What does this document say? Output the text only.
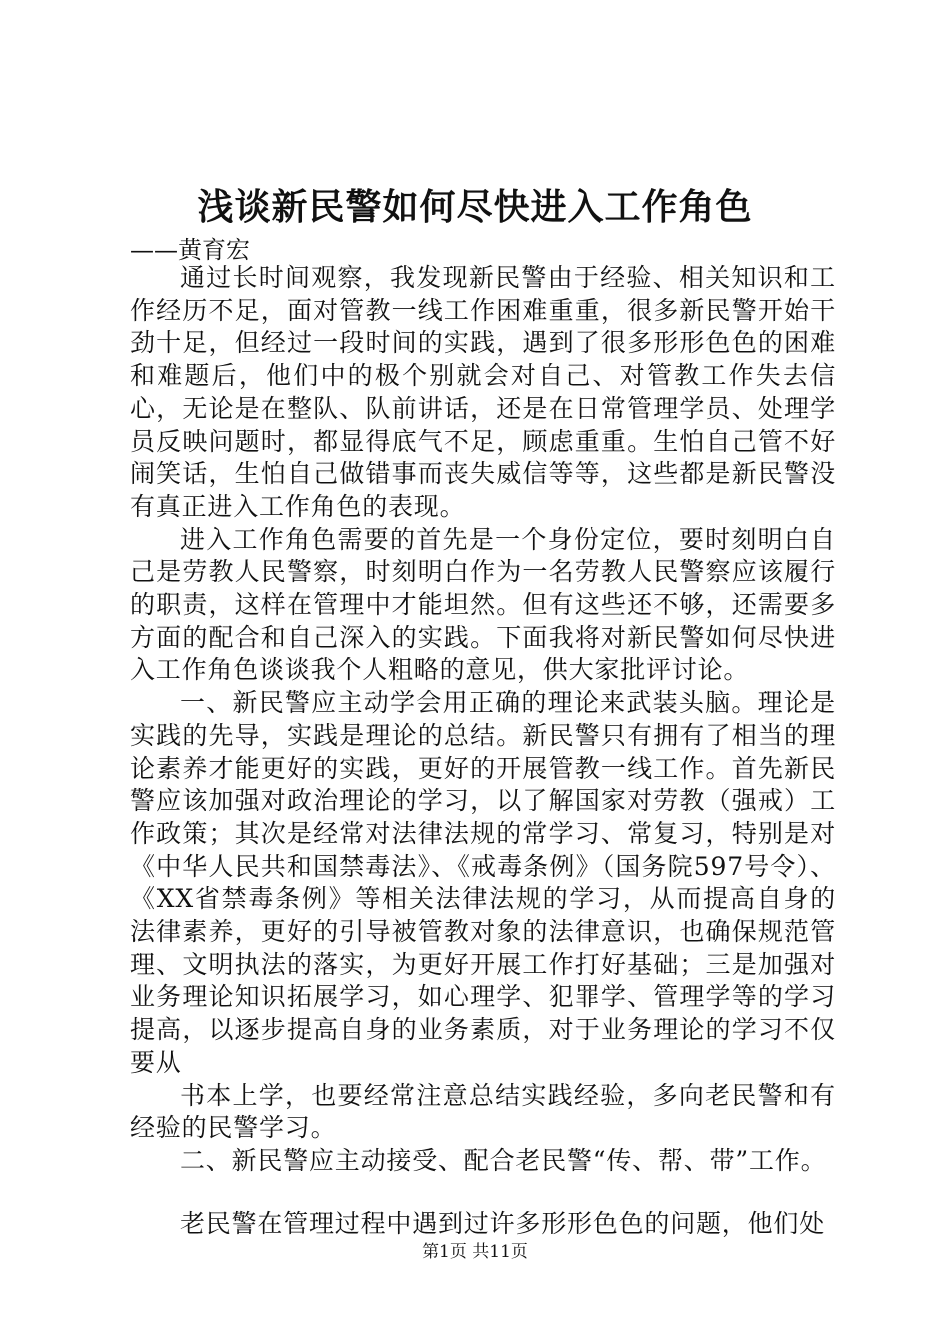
浅谈新民警如何尽快进入工作角色

——黄育宏

通过长时间观察，我发现新民警由于经验、相关知识和工作经历不足，面对管教一线工作困难重重，很多新民警开始干劲十足，但经过一段时间的实践，遇到了很多形形色色的困难和难题后，他们中的极个别就会对自己、对管教工作失去信心，无论是在整队、队前讲话，还是在日常管理学员、处理学员反映问题时，都显得底气不足，顾虑重重。生怕自己管不好闹笑话，生怕自己做错事而丧失威信等等，这些都是新民警没有真正进入工作角色的表现。

进入工作角色需要的首先是一个身份定位，要时刻明白自己是劳教人民警察，时刻明白作为一名劳教人民警察应该履行的职责，这样在管理中才能坦然。但有这些还不够，还需要多方面的配合和自己深入的实践。下面我将对新民警如何尽快进入工作角色谈谈我个人粗略的意见，供大家批评讨论。

一、新民警应主动学会用正确的理论来武装头脑。理论是实践的先导，实践是理论的总结。新民警只有拥有了相当的理论素养才能更好的实践，更好的开展管教一线工作。首先新民警应该加强对政治理论的学习，以了解国家对劳教（强戒）工作政策；其次是经常对法律法规的常学习、常复习，特别是对《中华人民共和国禁毒法》、《戒毒条例》（国务院597号令）、《XX省禁毒条例》等相关法律法规的学习，从而提高自身的法律素养，更好的引导被管教对象的法律意识，也确保规范管理、文明执法的落实，为更好开展工作打好基础；三是加强对业务理论知识拓展学习，如心理学、犯罪学、管理学等的学习提高，以逐步提高自身的业务素质，对于业务理论的学习不仅要从

书本上学，也要经常注意总结实践经验，多向老民警和有经验的民警学习。

二、新民警应主动接受、配合老民警“传、帮、带”工作。

老民警在管理过程中遇到过许多形形色色的问题，他们处

第1页 共11页
